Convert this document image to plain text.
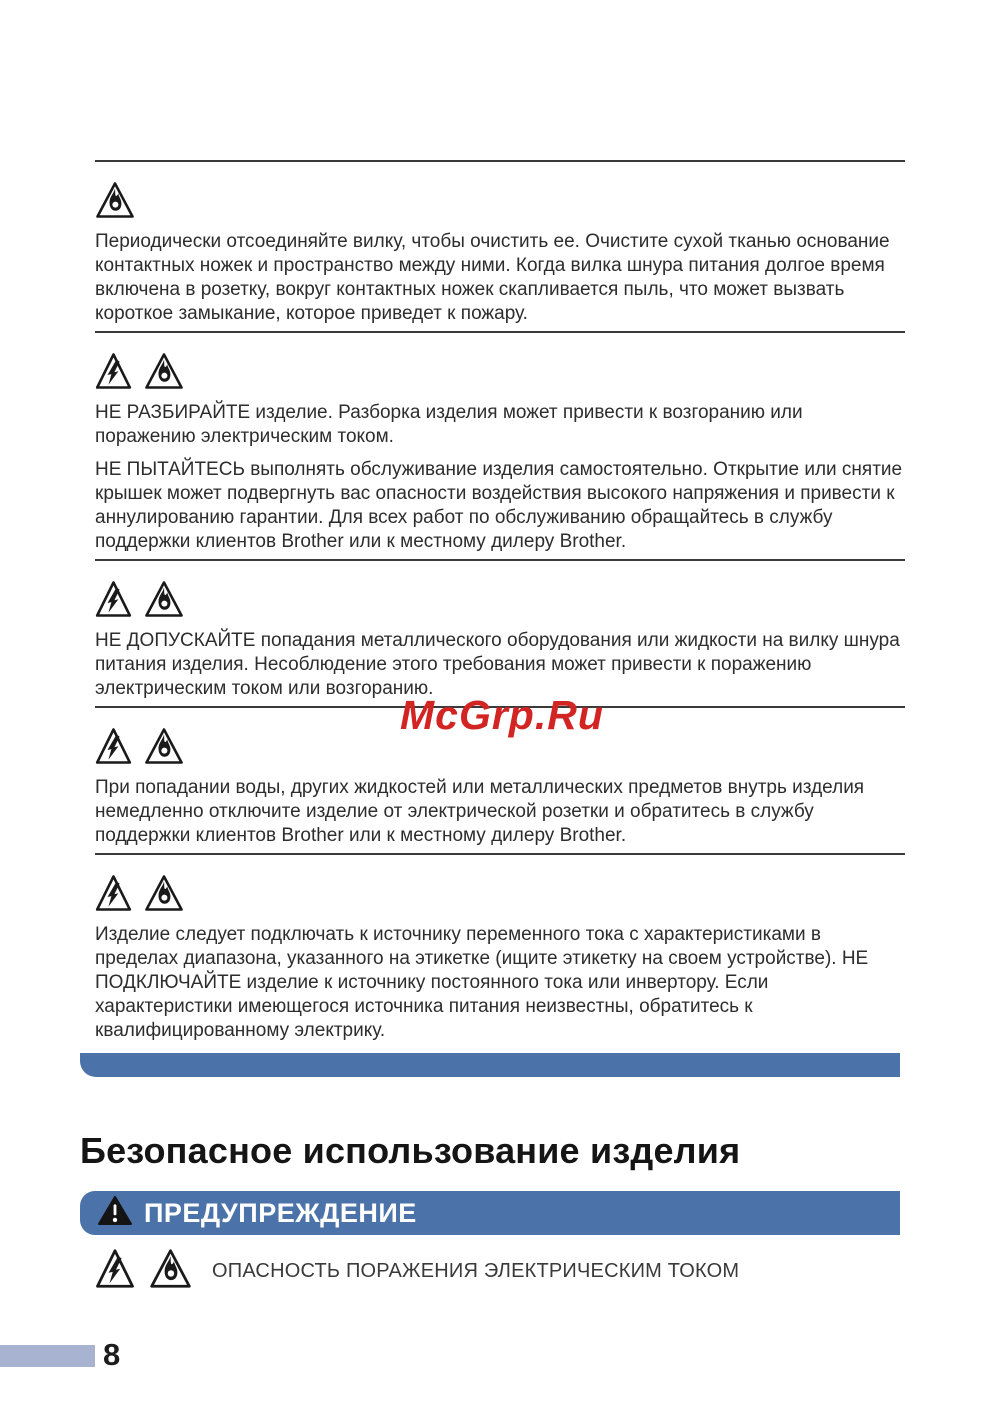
Периодически отсоединяйте вилку, чтобы очистить ее. Очистите сухой тканью основание контактных ножек и пространство между ними. Когда вилка шнура питания долгое время включена в розетку, вокруг контактных ножек скапливается пыль, что может вызвать короткое замыкание, которое приведет к пожару.

НЕ РАЗБИРАЙТЕ изделие. Разборка изделия может привести к возгоранию или поражению электрическим током.

НЕ ПЫТАЙТЕСЬ выполнять обслуживание изделия самостоятельно. Открытие или снятие крышек может подвергнуть вас опасности воздействия высокого напряжения и привести к аннулированию гарантии. Для всех работ по обслуживанию обращайтесь в службу поддержки клиентов Brother или к местному дилеру Brother.

НЕ ДОПУСКАЙТЕ попадания металлического оборудования или жидкости на вилку шнура питания изделия. Несоблюдение этого требования может привести к поражению электрическим током или возгоранию.

При попадании воды, других жидкостей или металлических предметов внутрь изделия немедленно отключите изделие от электрической розетки и обратитесь в службу поддержки клиентов Brother или к местному дилеру Brother.

Изделие следует подключать к источнику переменного тока с характеристиками в пределах диапазона, указанного на этикетке (ищите этикетку на своем устройстве). НЕ ПОДКЛЮЧАЙТЕ изделие к источнику постоянного тока или инвертору. Если характеристики имеющегося источника питания неизвестны, обратитесь к квалифицированному электрику.

Безопасное использование изделия
ПРЕДУПРЕЖДЕНИЕ
ОПАСНОСТЬ ПОРАЖЕНИЯ ЭЛЕКТРИЧЕСКИМ ТОКОМ
McGrp.Ru
8
